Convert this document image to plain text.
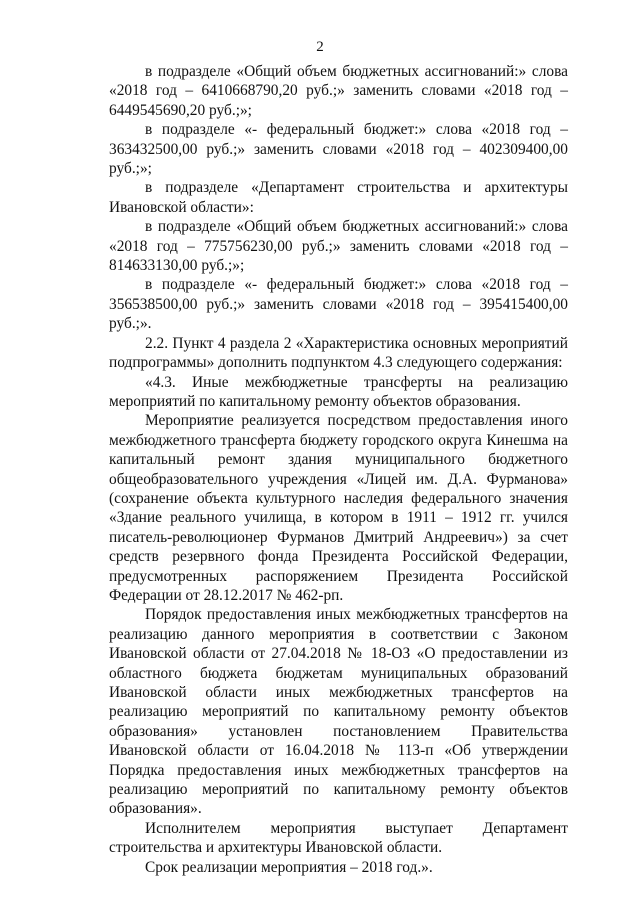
2

в подразделе «Общий объем бюджетных ассигнований:» слова «2018 год – 6410668790,20 руб.;» заменить словами «2018 год – 6449545690,20 руб.;»;

в подразделе «- федеральный бюджет:» слова «2018 год – 363432500,00 руб.;» заменить словами «2018 год – 402309400,00 руб.;»;

в подразделе «Департамент строительства и архитектуры Ивановской области»:

в подразделе «Общий объем бюджетных ассигнований:» слова «2018 год – 775756230,00 руб.;» заменить словами «2018 год – 814633130,00 руб.;»;

в подразделе «- федеральный бюджет:» слова «2018 год – 356538500,00 руб.;» заменить словами «2018 год – 395415400,00 руб.;».

2.2. Пункт 4 раздела 2 «Характеристика основных мероприятий подпрограммы» дополнить подпунктом 4.3 следующего содержания:

«4.3. Иные межбюджетные трансферты на реализацию мероприятий по капитальному ремонту объектов образования.

Мероприятие реализуется посредством предоставления иного межбюджетного трансферта бюджету городского округа Кинешма на капитальный ремонт здания муниципального бюджетного общеобразовательного учреждения «Лицей им. Д.А. Фурманова» (сохранение объекта культурного наследия федерального значения «Здание реального училища, в котором в 1911 – 1912 гг. учился писатель-революционер Фурманов Дмитрий Андреевич») за счет средств резервного фонда Президента Российской Федерации, предусмотренных распоряжением Президента Российской Федерации от 28.12.2017 № 462-рп.

Порядок предоставления иных межбюджетных трансфертов на реализацию данного мероприятия в соответствии с Законом Ивановской области от 27.04.2018 № 18-ОЗ «О предоставлении из областного бюджета бюджетам муниципальных образований Ивановской области иных межбюджетных трансфертов на реализацию мероприятий по капитальному ремонту объектов образования» установлен постановлением Правительства Ивановской области от 16.04.2018 № 113-п «Об утверждении Порядка предоставления иных межбюджетных трансфертов на реализацию мероприятий по капитальному ремонту объектов образования».

Исполнителем мероприятия выступает Департамент строительства и архитектуры Ивановской области.

Срок реализации мероприятия – 2018 год.».
